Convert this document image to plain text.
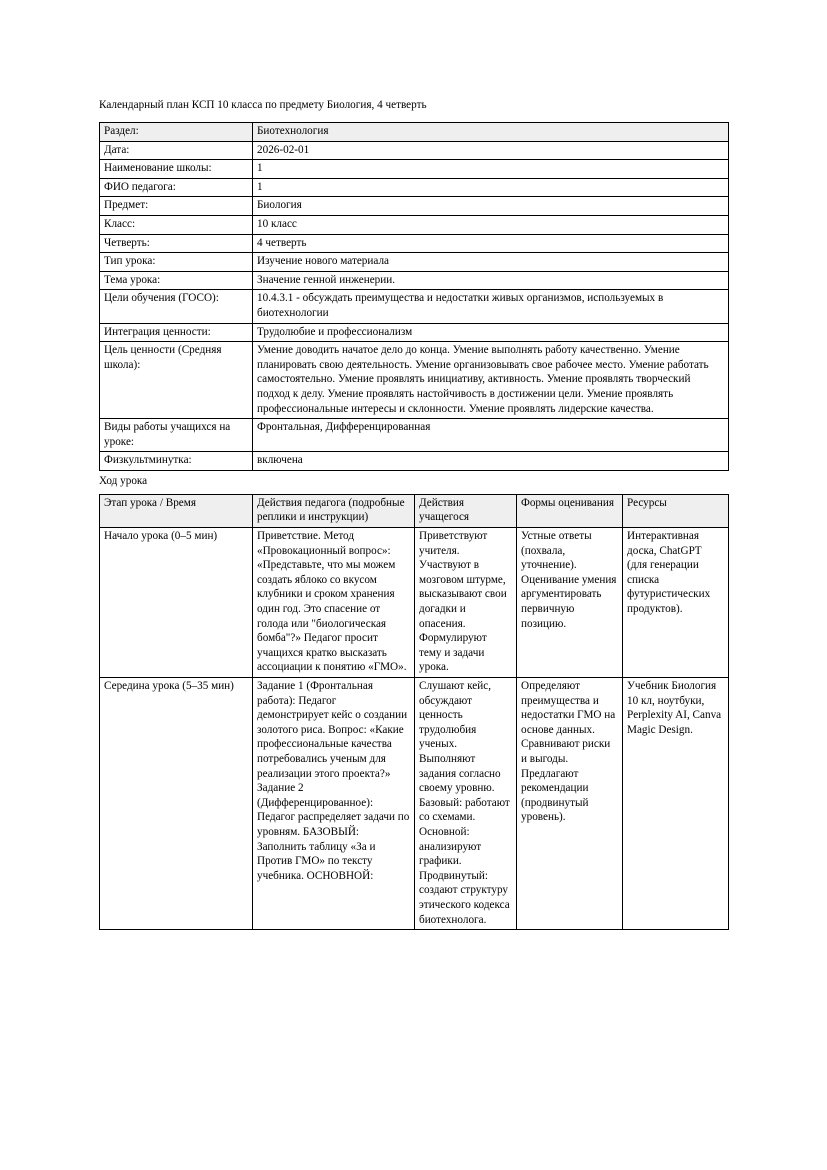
Календарный план КСП 10 класса по предмету Биология, 4 четверть

Раздел:	Биотехнология
Дата:	2026-02-01
Наименование школы:	1
ФИО педагога:	1
Предмет:	Биология
Класс:	10 класс
Четверть:	4 четверть
Тип урока:	Изучение нового материала
Тема урока:	Значение генной инженерии.
Цели обучения (ГОСО):	10.4.3.1 - обсуждать преимущества и недостатки живых организмов, используемых в биотехнологии
Интеграция ценности:	Трудолюбие и профессионализм
Цель ценности (Средняя школа):	Умение доводить начатое дело до конца. Умение выполнять работу качественно. Умение планировать свою деятельность. Умение организовывать свое рабочее место. Умение работать самостоятельно. Умение проявлять инициативу, активность. Умение проявлять творческий подход к делу. Умение проявлять настойчивость в достижении цели. Умение проявлять профессиональные интересы и склонности. Умение проявлять лидерские качества.
Виды работы учащихся на уроке:	Фронтальная, Дифференцированная
Физкультминутка:	включена

Ход урока

Этап урока / Время	Действия педагога (подробные реплики и инструкции)	Действия учащегося	Формы оценивания	Ресурсы
Начало урока (0–5 мин)	Приветствие. Метод «Провокационный вопрос»: «Представьте, что мы можем создать яблоко со вкусом клубники и сроком хранения один год. Это спасение от голода или "биологическая бомба"?» Педагог просит учащихся кратко высказать ассоциации к понятию «ГМО».	Приветствуют учителя. Участвуют в мозговом штурме, высказывают свои догадки и опасения. Формулируют тему и задачи урока.	Устные ответы (похвала, уточнение). Оценивание умения аргументировать первичную позицию.	Интерактивная доска, ChatGPT (для генерации списка футуристических продуктов).
Середина урока (5–35 мин)	Задание 1 (Фронтальная работа): Педагог демонстрирует кейс о создании золотого риса. Вопрос: «Какие профессиональные качества потребовались ученым для реализации этого проекта?» Задание 2 (Дифференцированное): Педагог распределяет задачи по уровням. БАЗОВЫЙ: Заполнить таблицу «За и Против ГМО» по тексту учебника. ОСНОВНОЙ:	Слушают кейс, обсуждают ценность трудолюбия ученых. Выполняют задания согласно своему уровню. Базовый: работают со схемами. Основной: анализируют графики. Продвинутый: создают структуру этического кодекса биотехнолога.	Определяют преимущества и недостатки ГМО на основе данных. Сравнивают риски и выгоды. Предлагают рекомендации (продвинутый уровень).	Учебник Биология 10 кл, ноутбуки, Perplexity AI, Canva Magic Design.
